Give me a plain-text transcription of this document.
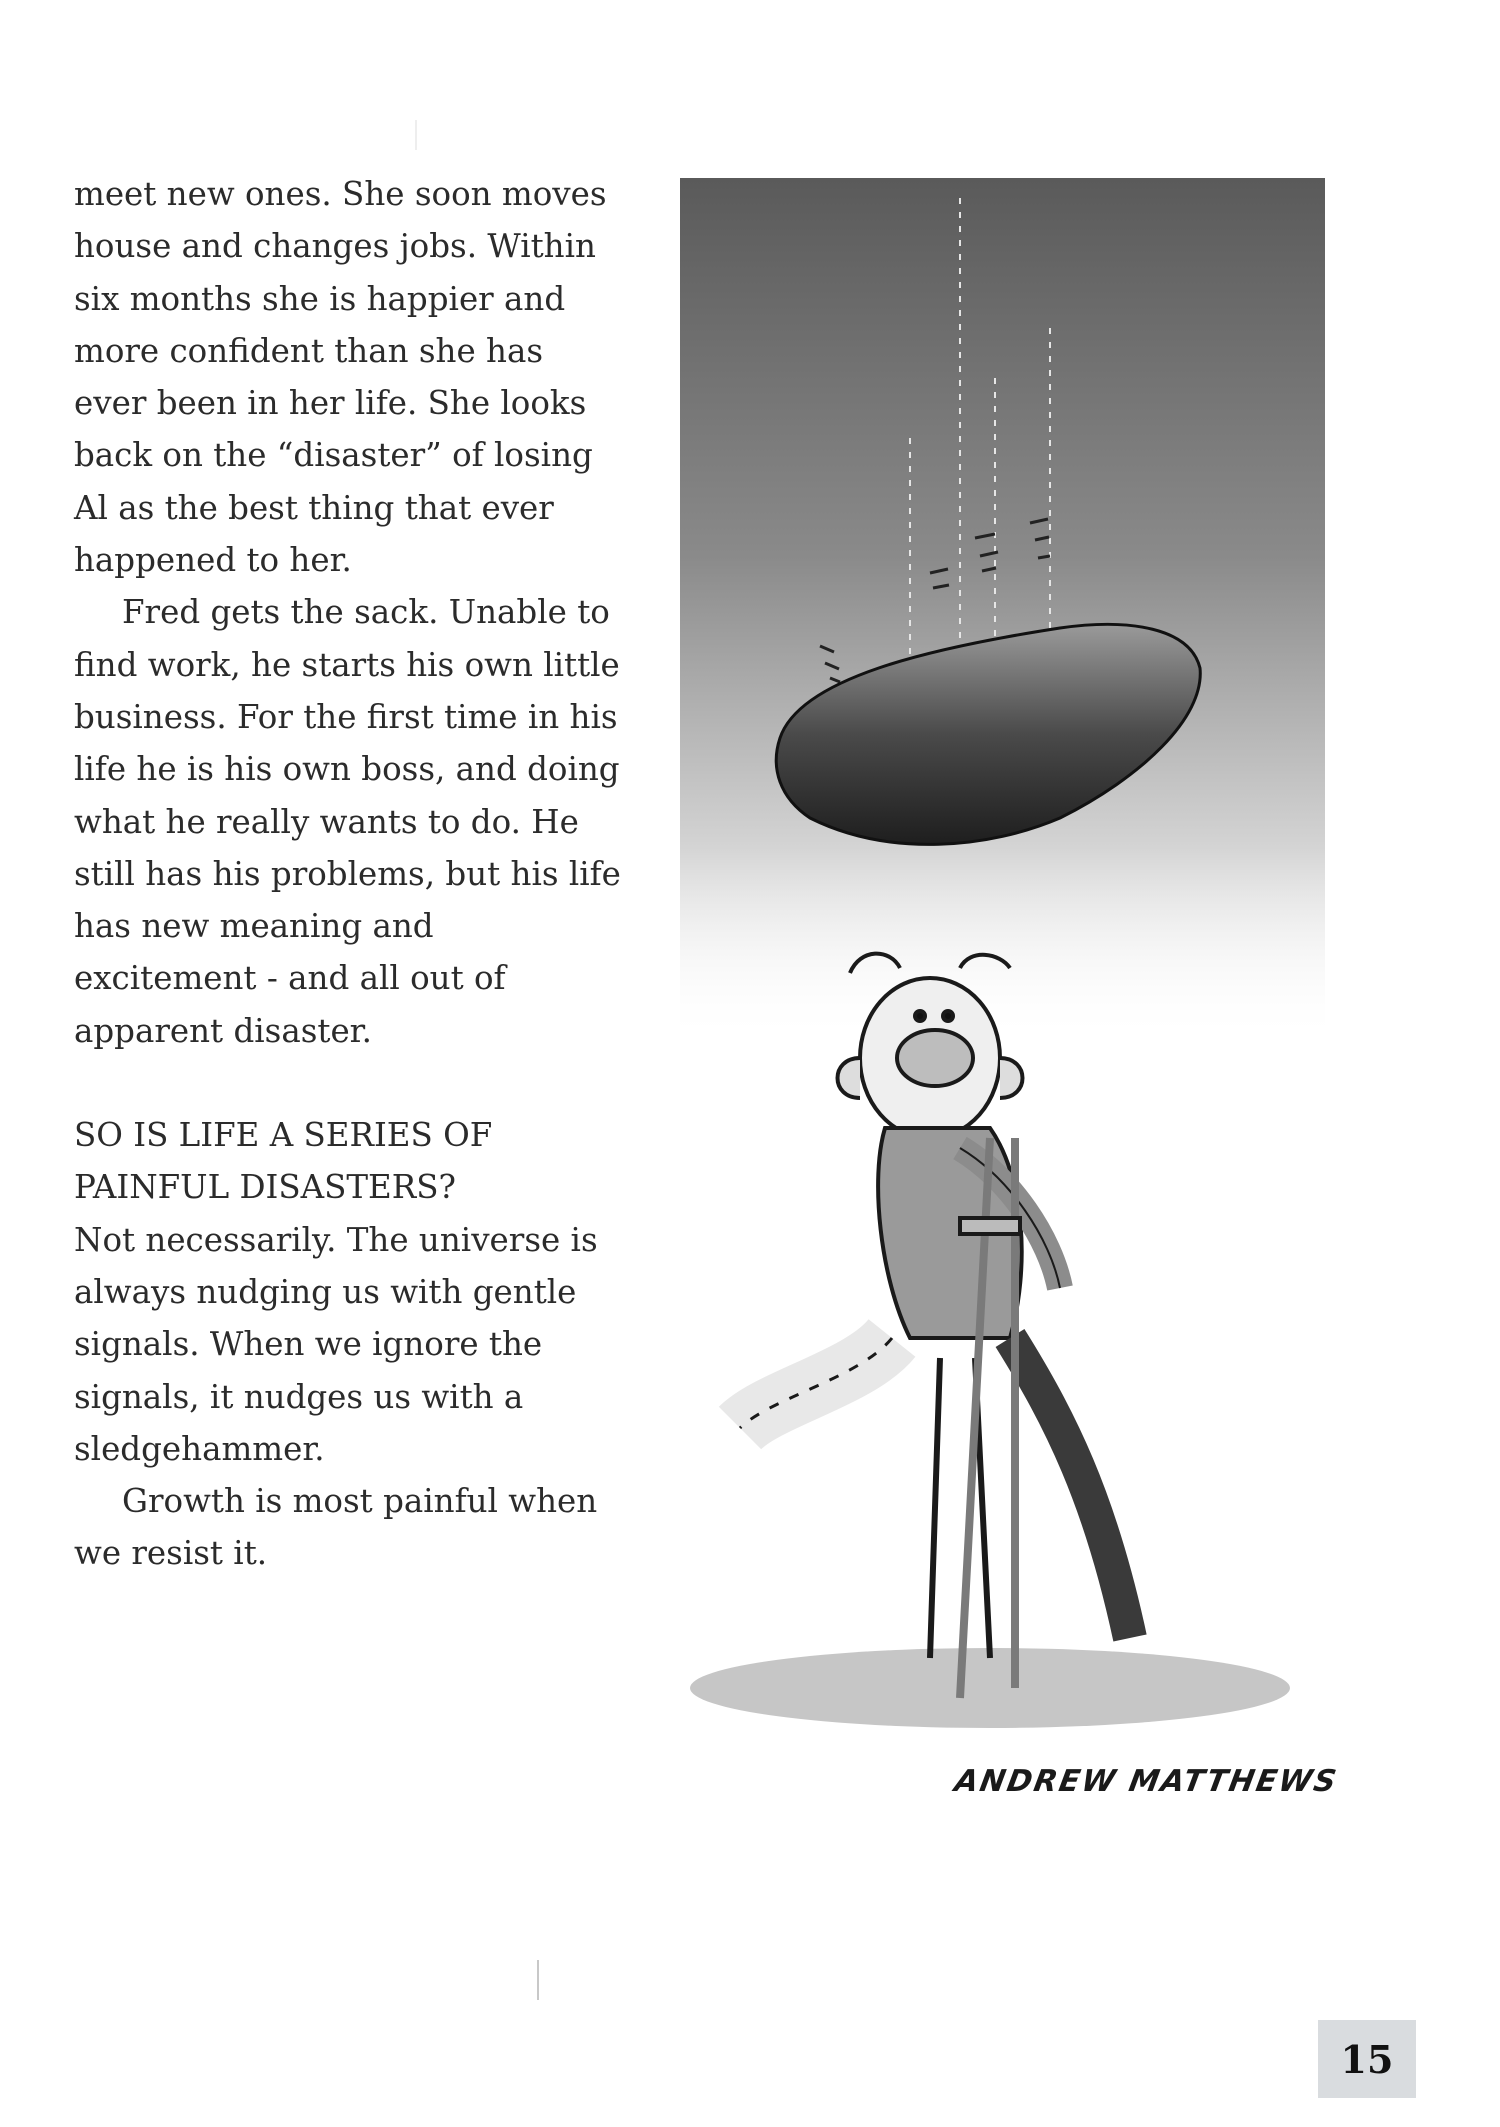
meet new ones. She soon moves house and changes jobs. Within six months she is happier and more confident than she has ever been in her life. She looks back on the “disaster” of losing Al as the best thing that ever happened to her.

Fred gets the sack. Unable to find work, he starts his own little business. For the first time in his life he is his own boss, and doing what he really wants to do. He still has his problems, but his life has new meaning and excitement - and all out of apparent disaster.

SO IS LIFE A SERIES OF
PAINFUL DISASTERS?

Not necessarily. The universe is always nudging us with gentle signals. When we ignore the signals, it nudges us with a sledgehammer.

Growth is most painful when we resist it.

ANDREW MATTHEWS
15
